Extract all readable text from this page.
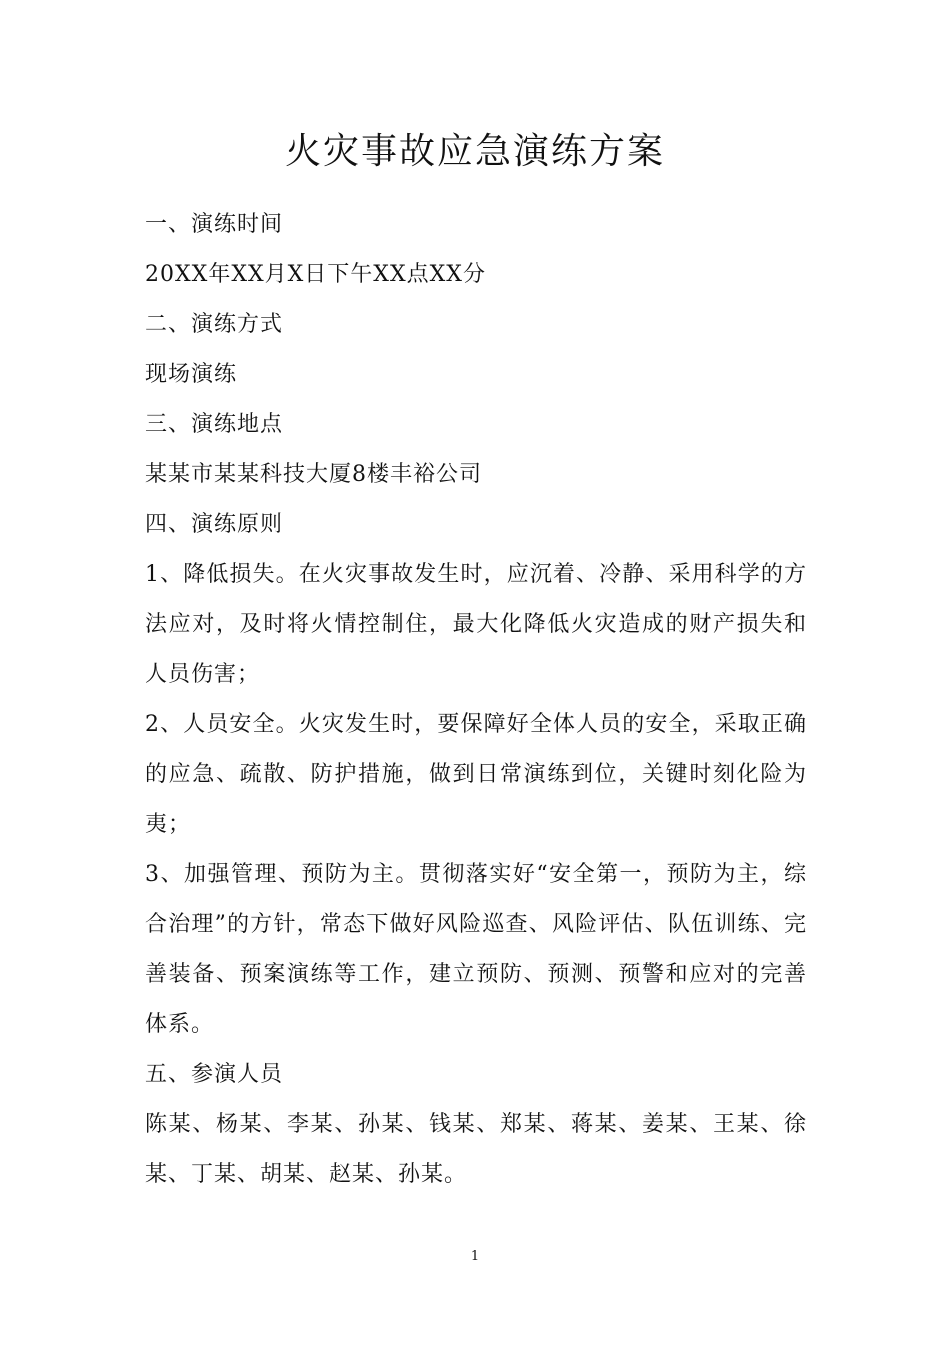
火灾事故应急演练方案

一、演练时间

20XX年XX月X日下午XX点XX分

二、演练方式

现场演练

三、演练地点

某某市某某科技大厦8楼丰裕公司

四、演练原则

1、降低损失。在火灾事故发生时，应沉着、冷静、采用科学的方法应对，及时将火情控制住，最大化降低火灾造成的财产损失和人员伤害；

2、人员安全。火灾发生时，要保障好全体人员的安全，采取正确的应急、疏散、防护措施，做到日常演练到位，关键时刻化险为夷；

3、加强管理、预防为主。贯彻落实好“安全第一，预防为主，综合治理”的方针，常态下做好风险巡查、风险评估、队伍训练、完善装备、预案演练等工作，建立预防、预测、预警和应对的完善体系。

五、参演人员

陈某、杨某、李某、孙某、钱某、郑某、蒋某、姜某、王某、徐某、丁某、胡某、赵某、孙某。

1
